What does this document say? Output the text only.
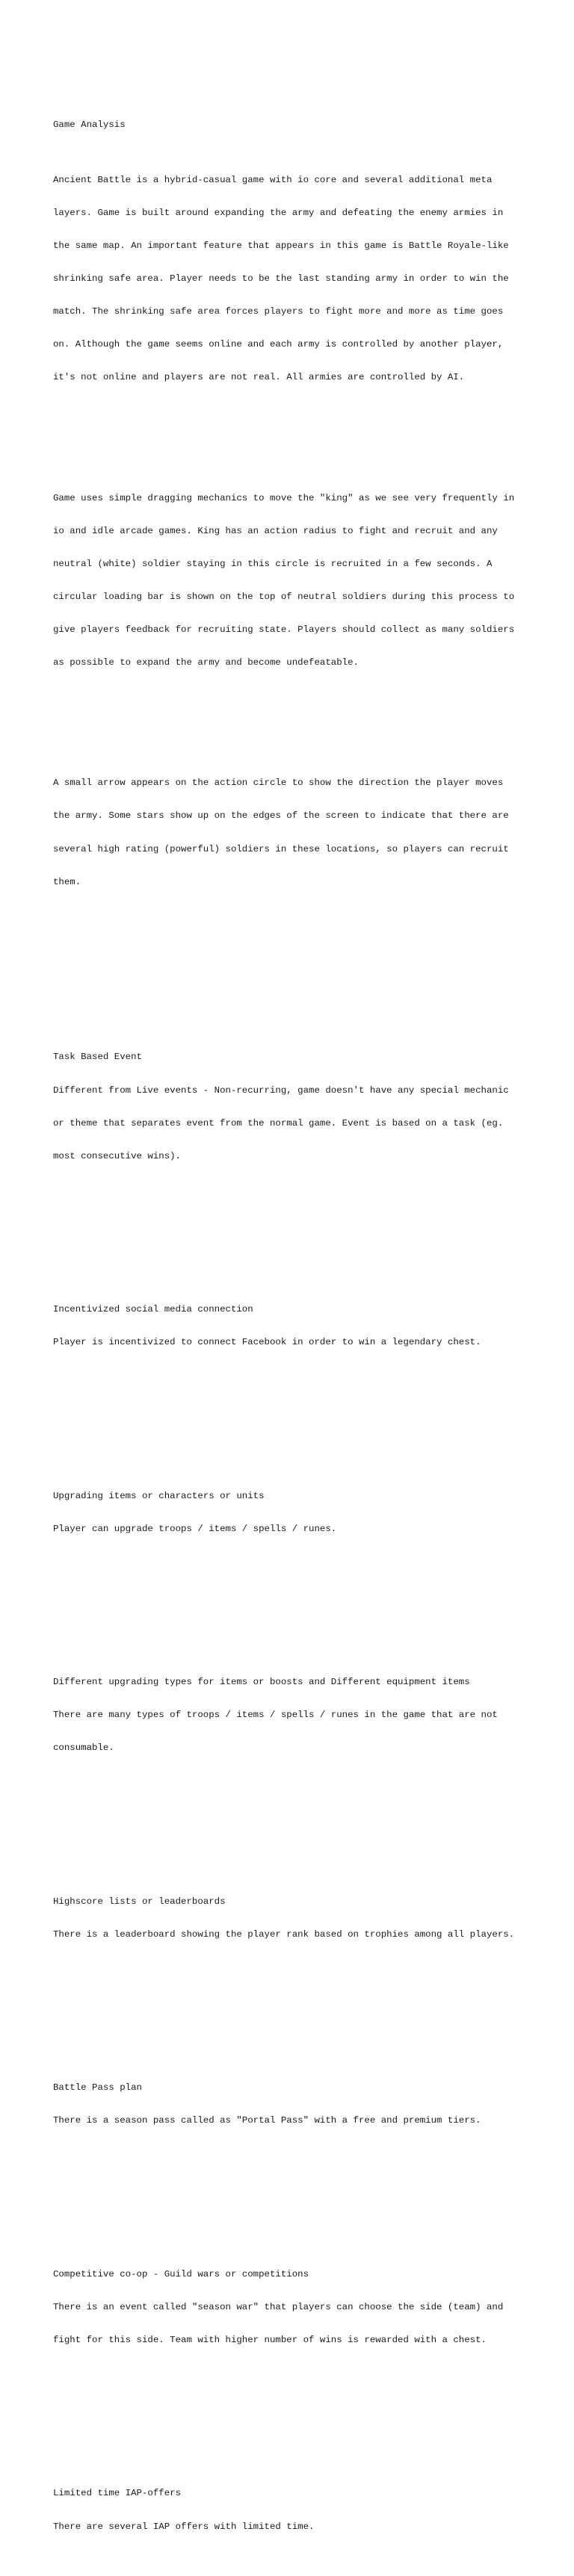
Game Analysis

Ancient Battle is a hybrid-casual game with io core and several additional meta

layers. Game is built around expanding the army and defeating the enemy armies in

the same map. An important feature that appears in this game is Battle Royale-like

shrinking safe area. Player needs to be the last standing army in order to win the

match. The shrinking safe area forces players to fight more and more as time goes

on. Although the game seems online and each army is controlled by another player,

it's not online and players are not real. All armies are controlled by AI.

Game uses simple dragging mechanics to move the "king" as we see very frequently in

io and idle arcade games. King has an action radius to fight and recruit and any

neutral (white) soldier staying in this circle is recruited in a few seconds. A

circular loading bar is shown on the top of neutral soldiers during this process to

give players feedback for recruiting state. Players should collect as many soldiers

as possible to expand the army and become undefeatable.

A small arrow appears on the action circle to show the direction the player moves

the army. Some stars show up on the edges of the screen to indicate that there are

several high rating (powerful) soldiers in these locations, so players can recruit

them.

Task Based Event

Different from Live events - Non-recurring, game doesn't have any special mechanic

or theme that separates event from the normal game. Event is based on a task (eg.

most consecutive wins).

Incentivized social media connection

Player is incentivized to connect Facebook in order to win a legendary chest.

Upgrading items or characters or units

Player can upgrade troops / items / spells / runes.

Different upgrading types for items or boosts and Different equipment items

There are many types of troops / items / spells / runes in the game that are not

consumable.

Highscore lists or leaderboards

There is a leaderboard showing the player rank based on trophies among all players.

Battle Pass plan

There is a season pass called as "Portal Pass" with a free and premium tiers.

Competitive co-op - Guild wars or competitions

There is an event called "season war" that players can choose the side (team) and

fight for this side. Team with higher number of wins is rewarded with a chest.

Limited time IAP-offers

There are several IAP offers with limited time.
